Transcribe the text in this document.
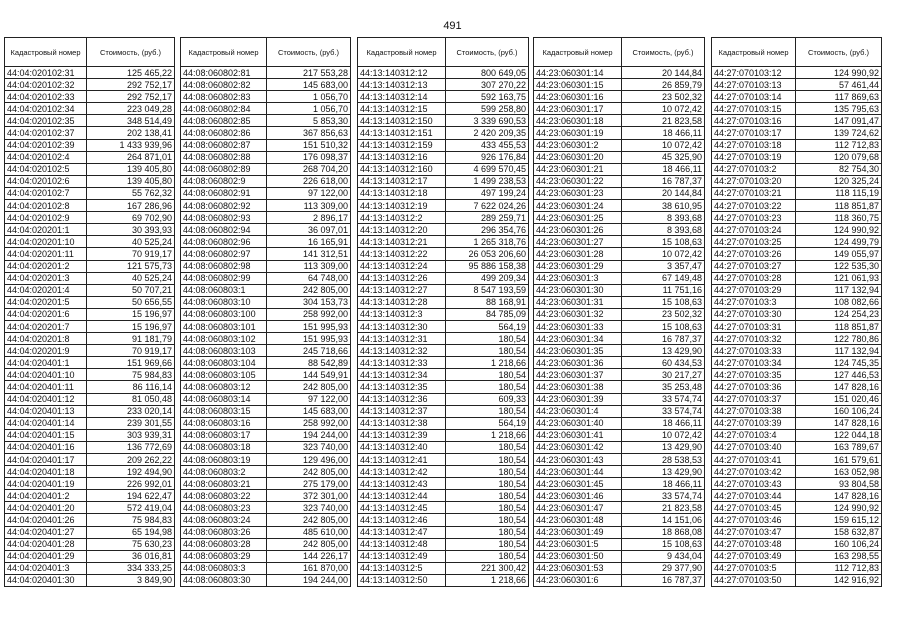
491
Кадастровый номер	Стоимость, (руб.)
44:04:020102:31	125 465,22
44:04:020102:32	292 752,17
44:04:020102:33	292 752,17
44:04:020102:34	223 049,28
44:04:020102:35	348 514,49
44:04:020102:37	202 138,41
44:04:020102:39	1 433 939,96
44:04:020102:4	264 871,01
44:04:020102:5	139 405,80
44:04:020102:6	139 405,80
44:04:020102:7	55 762,32
44:04:020102:8	167 286,96
44:04:020102:9	69 702,90
44:04:020201:1	30 393,93
44:04:020201:10	40 525,24
44:04:020201:11	70 919,17
44:04:020201:2	121 575,73
44:04:020201:3	40 525,24
44:04:020201:4	50 707,21
44:04:020201:5	50 656,55
44:04:020201:6	15 196,97
44:04:020201:7	15 196,97
44:04:020201:8	91 181,79
44:04:020201:9	70 919,17
44:04:020401:1	151 969,66
44:04:020401:10	75 984,83
44:04:020401:11	86 116,14
44:04:020401:12	81 050,48
44:04:020401:13	233 020,14
44:04:020401:14	239 301,55
44:04:020401:15	303 939,31
44:04:020401:16	136 772,69
44:04:020401:17	209 262,22
44:04:020401:18	192 494,90
44:04:020401:19	226 992,01
44:04:020401:2	194 622,47
44:04:020401:20	572 419,04
44:04:020401:26	75 984,83
44:04:020401:27	65 194,98
44:04:020401:28	75 630,23
44:04:020401:29	36 016,81
44:04:020401:3	334 333,25
44:04:020401:30	3 849,90
Кадастровый номер	Стоимость, (руб.)
44:08:060802:81	217 553,28
44:08:060802:82	145 683,00
44:08:060802:83	1 056,70
44:08:060802:84	1 056,70
44:08:060802:85	5 853,30
44:08:060802:86	367 856,63
44:08:060802:87	151 510,32
44:08:060802:88	176 098,37
44:08:060802:89	268 704,20
44:08:060802:9	226 618,00
44:08:060802:91	97 122,00
44:08:060802:92	113 309,00
44:08:060802:93	2 896,17
44:08:060802:94	36 097,01
44:08:060802:96	16 165,91
44:08:060802:97	141 312,51
44:08:060802:98	113 309,00
44:08:060802:99	64 748,00
44:08:060803:1	242 805,00
44:08:060803:10	304 153,73
44:08:060803:100	258 992,00
44:08:060803:101	151 995,93
44:08:060803:102	151 995,93
44:08:060803:103	245 718,66
44:08:060803:104	88 542,89
44:08:060803:105	144 549,91
44:08:060803:12	242 805,00
44:08:060803:14	97 122,00
44:08:060803:15	145 683,00
44:08:060803:16	258 992,00
44:08:060803:17	194 244,00
44:08:060803:18	323 740,00
44:08:060803:19	129 496,00
44:08:060803:2	242 805,00
44:08:060803:21	275 179,00
44:08:060803:22	372 301,00
44:08:060803:23	323 740,00
44:08:060803:24	242 805,00
44:08:060803:26	485 610,00
44:08:060803:28	242 805,00
44:08:060803:29	144 226,17
44:08:060803:3	161 870,00
44:08:060803:30	194 244,00
Кадастровый номер	Стоимость, (руб.)
44:13:140312:12	800 649,05
44:13:140312:13	307 270,22
44:13:140312:14	592 163,75
44:13:140312:15	599 258,80
44:13:140312:150	3 339 690,53
44:13:140312:151	2 420 209,35
44:13:140312:159	433 455,53
44:13:140312:16	926 176,84
44:13:140312:160	4 699 570,45
44:13:140312:17	1 499 238,53
44:13:140312:18	497 199,24
44:13:140312:19	7 622 024,26
44:13:140312:2	289 259,71
44:13:140312:20	296 354,76
44:13:140312:21	1 265 318,76
44:13:140312:22	26 053 206,60
44:13:140312:24	95 886 158,38
44:13:140312:26	499 209,34
44:13:140312:27	8 547 193,59
44:13:140312:28	88 168,91
44:13:140312:3	84 785,09
44:13:140312:30	564,19
44:13:140312:31	180,54
44:13:140312:32	180,54
44:13:140312:33	1 218,66
44:13:140312:34	180,54
44:13:140312:35	180,54
44:13:140312:36	609,33
44:13:140312:37	180,54
44:13:140312:38	564,19
44:13:140312:39	1 218,66
44:13:140312:40	180,54
44:13:140312:41	180,54
44:13:140312:42	180,54
44:13:140312:43	180,54
44:13:140312:44	180,54
44:13:140312:45	180,54
44:13:140312:46	180,54
44:13:140312:47	180,54
44:13:140312:48	180,54
44:13:140312:49	180,54
44:13:140312:5	221 300,42
44:13:140312:50	1 218,66
Кадастровый номер	Стоимость, (руб.)
44:23:060301:14	20 144,84
44:23:060301:15	26 859,79
44:23:060301:16	23 502,32
44:23:060301:17	10 072,42
44:23:060301:18	21 823,58
44:23:060301:19	18 466,11
44:23:060301:2	10 072,42
44:23:060301:20	45 325,90
44:23:060301:21	18 466,11
44:23:060301:22	16 787,37
44:23:060301:23	20 144,84
44:23:060301:24	38 610,95
44:23:060301:25	8 393,68
44:23:060301:26	8 393,68
44:23:060301:27	15 108,63
44:23:060301:28	10 072,42
44:23:060301:29	3 357,47
44:23:060301:3	67 149,48
44:23:060301:30	11 751,16
44:23:060301:31	15 108,63
44:23:060301:32	23 502,32
44:23:060301:33	15 108,63
44:23:060301:34	16 787,37
44:23:060301:35	13 429,90
44:23:060301:36	60 434,53
44:23:060301:37	30 217,27
44:23:060301:38	35 253,48
44:23:060301:39	33 574,74
44:23:060301:4	33 574,74
44:23:060301:40	18 466,11
44:23:060301:41	10 072,42
44:23:060301:42	13 429,90
44:23:060301:43	28 538,53
44:23:060301:44	13 429,90
44:23:060301:45	18 466,11
44:23:060301:46	33 574,74
44:23:060301:47	21 823,58
44:23:060301:48	14 151,06
44:23:060301:49	18 868,08
44:23:060301:5	15 108,63
44:23:060301:50	9 434,04
44:23:060301:53	29 377,90
44:23:060301:6	16 787,37
Кадастровый номер	Стоимость, (руб.)
44:27:070103:12	124 990,92
44:27:070103:13	57 461,44
44:27:070103:14	117 869,63
44:27:070103:15	135 795,63
44:27:070103:16	147 091,47
44:27:070103:17	139 724,62
44:27:070103:18	112 712,83
44:27:070103:19	120 079,68
44:27:070103:2	82 754,30
44:27:070103:20	120 325,24
44:27:070103:21	118 115,19
44:27:070103:22	118 851,87
44:27:070103:23	118 360,75
44:27:070103:24	124 990,92
44:27:070103:25	124 499,79
44:27:070103:26	149 055,97
44:27:070103:27	122 535,30
44:27:070103:28	121 061,93
44:27:070103:29	117 132,94
44:27:070103:3	108 082,66
44:27:070103:30	124 254,23
44:27:070103:31	118 851,87
44:27:070103:32	122 780,86
44:27:070103:33	117 132,94
44:27:070103:34	124 745,35
44:27:070103:35	127 446,53
44:27:070103:36	147 828,16
44:27:070103:37	151 020,46
44:27:070103:38	160 106,24
44:27:070103:39	147 828,16
44:27:070103:4	122 044,18
44:27:070103:40	163 789,67
44:27:070103:41	161 579,61
44:27:070103:42	163 052,98
44:27:070103:43	93 804,58
44:27:070103:44	147 828,16
44:27:070103:45	124 990,92
44:27:070103:46	159 615,12
44:27:070103:47	158 632,87
44:27:070103:48	160 106,24
44:27:070103:49	163 298,55
44:27:070103:5	112 712,83
44:27:070103:50	142 916,92
